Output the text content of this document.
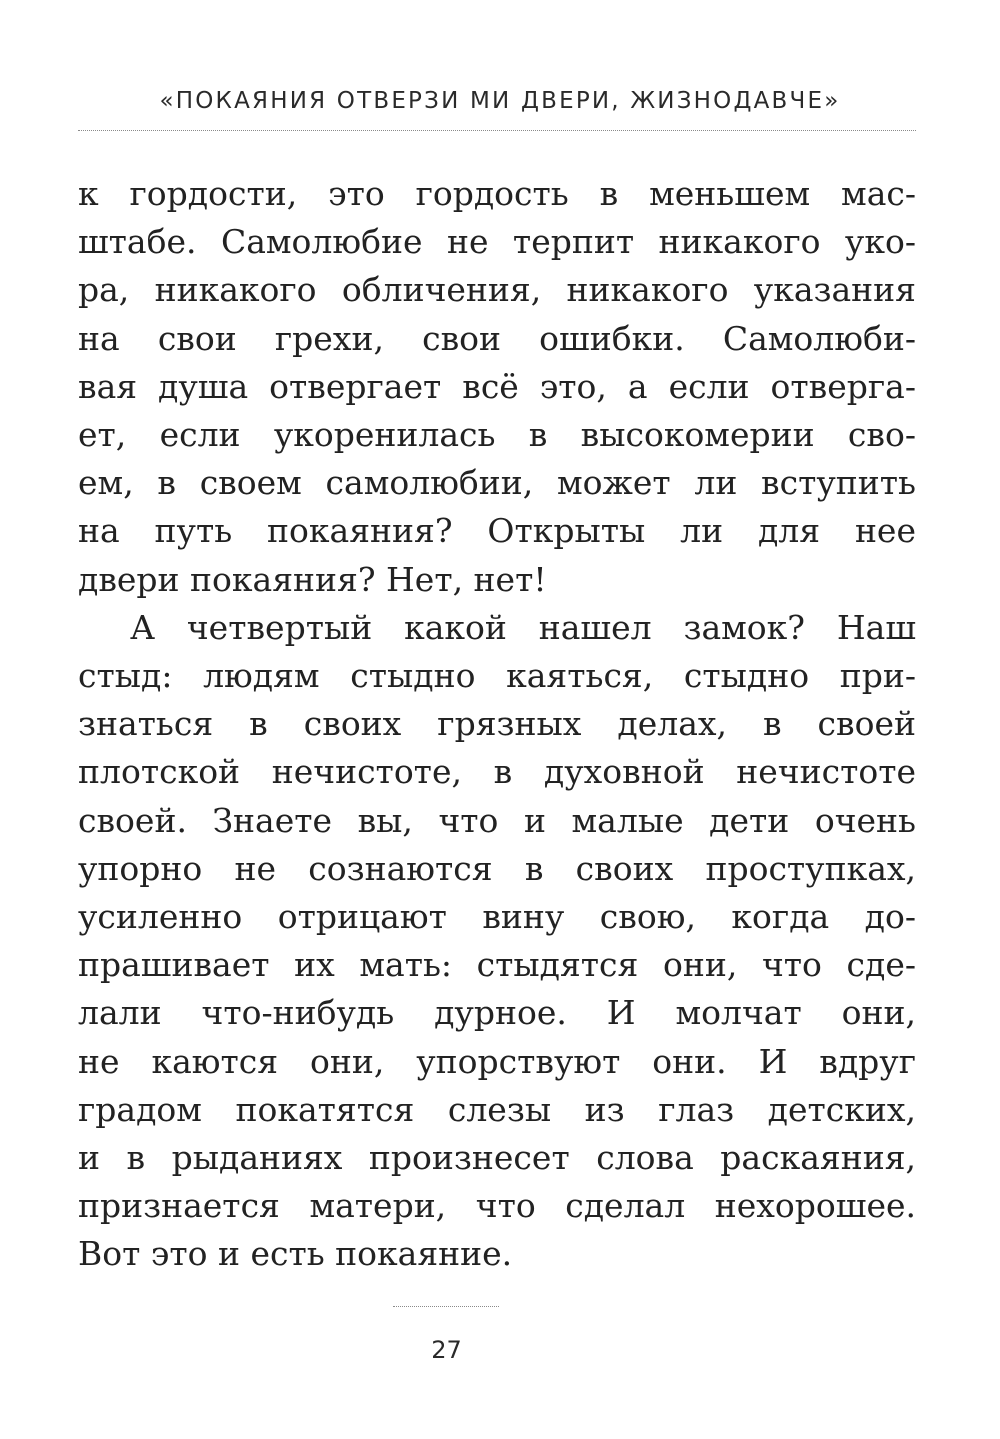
«ПОКАЯНИЯ ОТВЕРЗИ МИ ДВЕРИ, ЖИЗНОДАВЧЕ»
к гордости, это гордость в меньшем мас-
штабе. Самолюбие не терпит никакого уко-
ра, никакого обличения, никакого указания
на свои грехи, свои ошибки. Самолюби-
вая душа отвергает всё это, а если отверга-
ет, если укоренилась в высокомерии сво-
ем, в своем самолюбии, может ли вступить
на путь покаяния? Открыты ли для нее
двери покаяния? Нет, нет!
А четвертый какой нашел замок? Наш
стыд: людям стыдно каяться, стыдно при-
знаться в своих грязных делах, в своей
плотской нечистоте, в духовной нечистоте
своей. Знаете вы, что и малые дети очень
упорно не сознаются в своих проступках,
усиленно отрицают вину свою, когда до-
прашивает их мать: стыдятся они, что сде-
лали что-нибудь дурное. И молчат они,
не каются они, упорствуют они. И вдруг
градом покатятся слезы из глаз детских,
и в рыданиях произнесет слова раскаяния,
признается матери, что сделал нехорошее.
Вот это и есть покаяние.
27
